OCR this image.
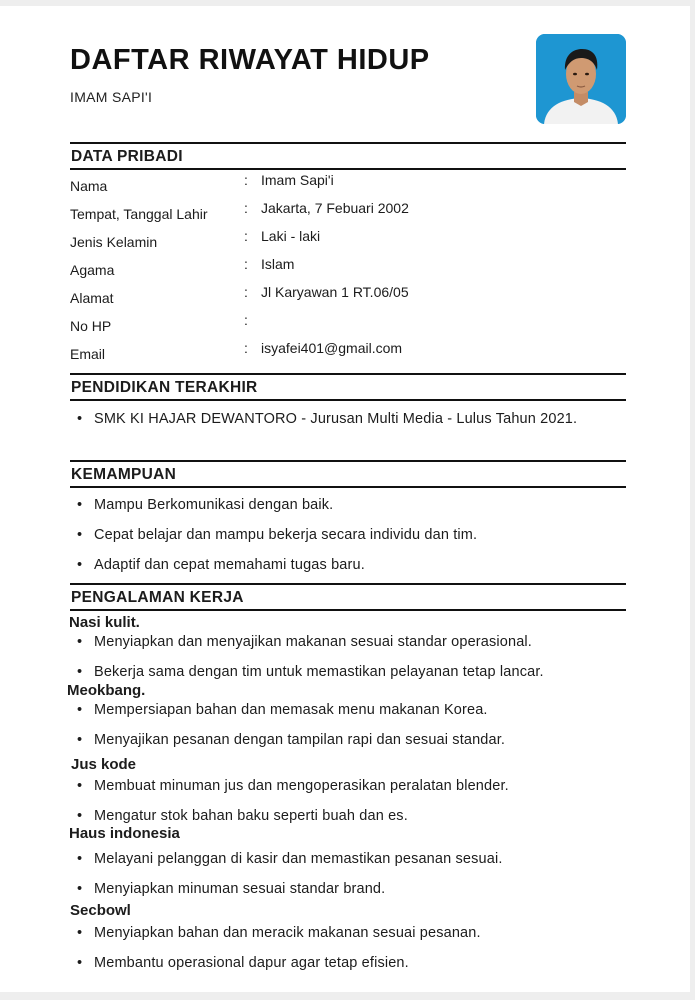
DAFTAR RIWAYAT HIDUP
IMAM SAPI'I
DATA PRIBADI
Nama	: Imam Sapi'i
Tempat, Tanggal Lahir	: Jakarta, 7 Febuari 2002
Jenis Kelamin	: Laki - laki
Agama	: Islam
Alamat	: Jl Karyawan 1 RT.06/05
No HP	:
Email	: isyafei401@gmail.com
PENDIDIKAN TERAKHIR
• SMK KI HAJAR DEWANTORO - Jurusan Multi Media - Lulus Tahun 2021.
KEMAMPUAN
• Mampu Berkomunikasi dengan baik.
• Cepat belajar dan mampu bekerja secara individu dan tim.
• Adaptif dan cepat memahami tugas baru.
PENGALAMAN KERJA
Nasi kulit.
• Menyiapkan dan menyajikan makanan sesuai standar operasional.
• Bekerja sama dengan tim untuk memastikan pelayanan tetap lancar.
Meokbang.
• Mempersiapan bahan dan memasak menu makanan Korea.
• Menyajikan pesanan dengan tampilan rapi dan sesuai standar.
Jus kode
• Membuat minuman jus dan mengoperasikan peralatan blender.
• Mengatur stok bahan baku seperti buah dan es.
Haus indonesia
• Melayani pelanggan di kasir dan memastikan pesanan sesuai.
• Menyiapkan minuman sesuai standar brand.
Secbowl
• Menyiapkan bahan dan meracik makanan sesuai pesanan.
• Membantu operasional dapur agar tetap efisien.
